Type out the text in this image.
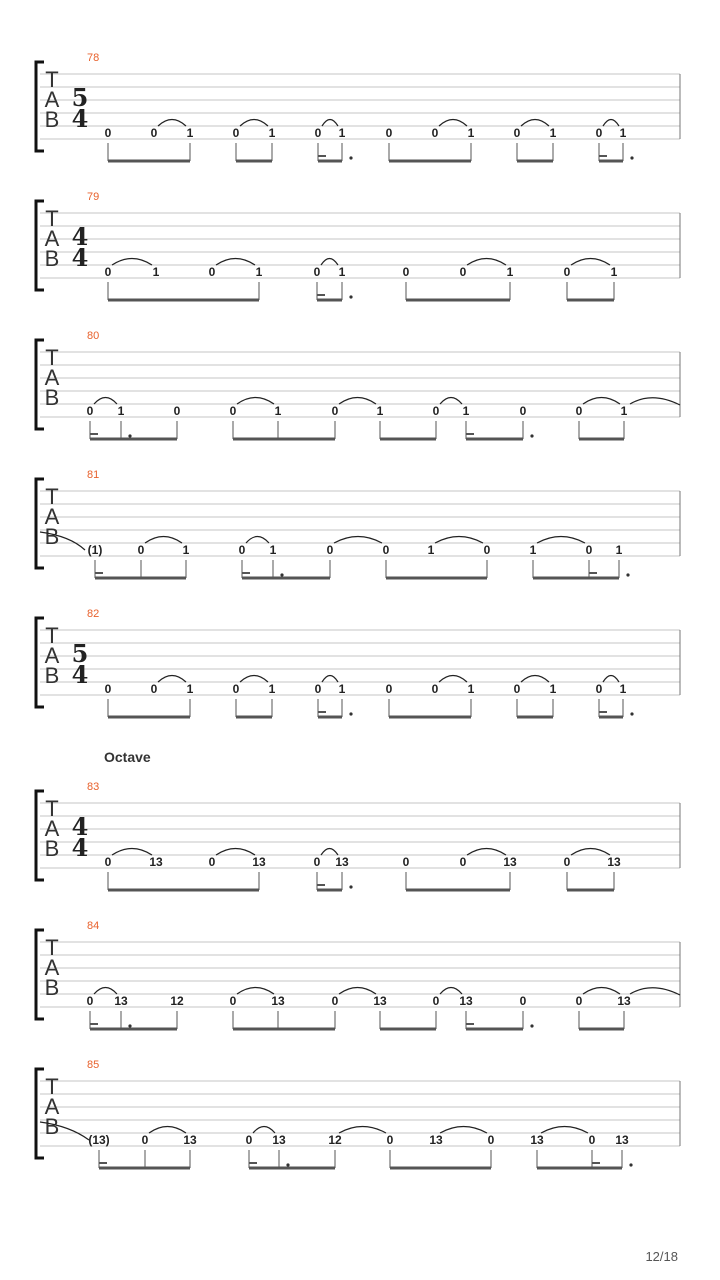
78
T
A
B
5
4 0	0 1	0 1	0 1	0	0 1	0 1	0 1
79
T
A
B
4
4 0	1	0	1	0 1	0	0	1	0	1
80
T
A
B
0 1	0	0	1	0	1	0 1	0	0	1
81
T
A
B
(1)	0	1	0 1	0	0	1	0	1	0 1
82
T
A
B
5
4 0	0 1	0 1	0 1	0	0 1	0 1	0 1
83
T
A
B
4
4 0	13	0	13	0 13	0	0	13	0	13
84
T
A
B
0 13	12	0	13	0	13	0 13	0	0	13
85
T
A
B
(13)	0	13	0 13	12	0	13	0	13	0 13
Octave
12/18
